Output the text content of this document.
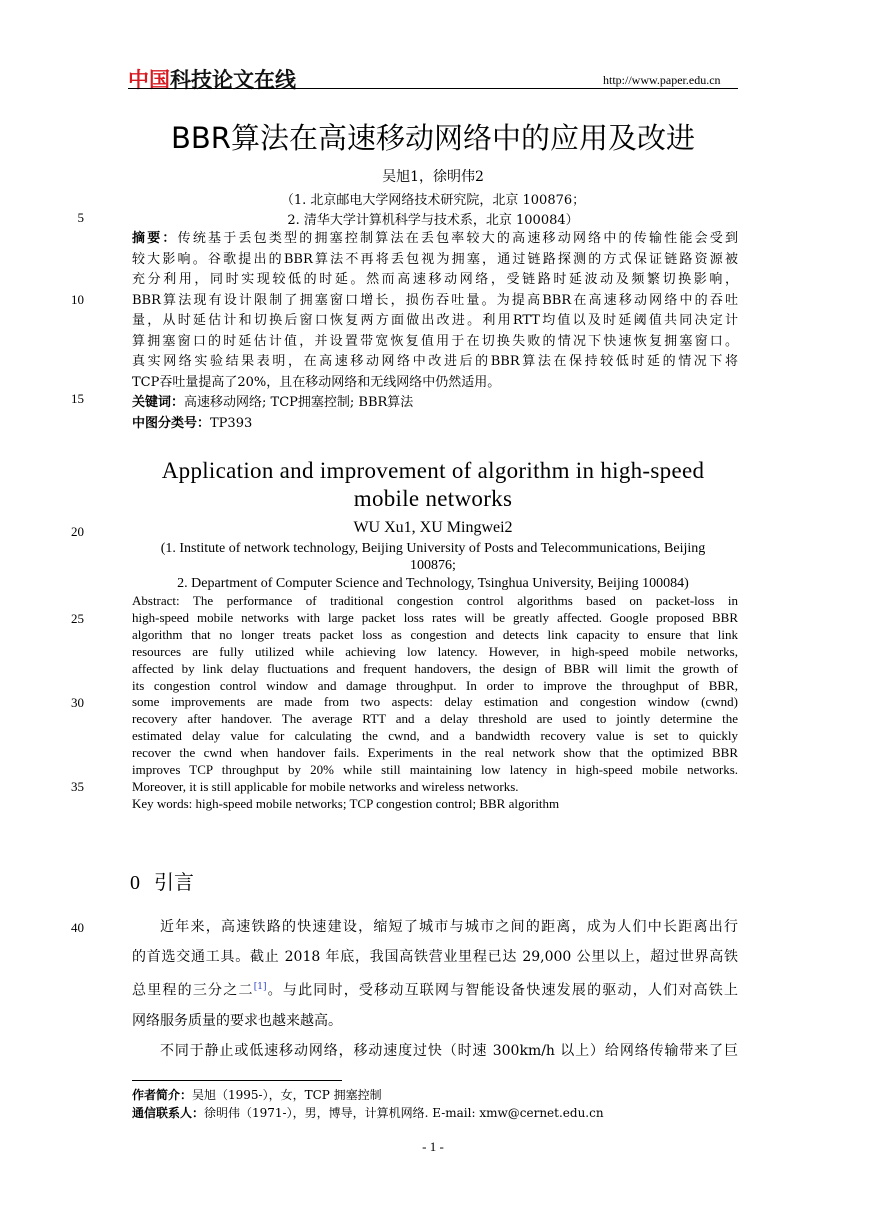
中国科技论文在线	http://www.paper.edu.cn
5
10
15
20
25
30
35
40
BBR算法在高速移动网络中的应用及改进
吴旭1，徐明伟2
（1. 北京邮电大学网络技术研究院，北京 100876；
2. 清华大学计算机科学与技术系，北京 100084）
摘要：传统基于丢包类型的拥塞控制算法在丢包率较大的高速移动网络中的传输性能会受到
较大影响。谷歌提出的BBR算法不再将丢包视为拥塞，通过链路探测的方式保证链路资源被
充分利用，同时实现较低的时延。然而高速移动网络，受链路时延波动及频繁切换影响，
BBR算法现有设计限制了拥塞窗口增长，损伤吞吐量。为提高BBR在高速移动网络中的吞吐
量，从时延估计和切换后窗口恢复两方面做出改进。利用RTT均值以及时延阈值共同决定计
算拥塞窗口的时延估计值，并设置带宽恢复值用于在切换失败的情况下快速恢复拥塞窗口。
真实网络实验结果表明，在高速移动网络中改进后的BBR算法在保持较低时延的情况下将
TCP吞吐量提高了20%，且在移动网络和无线网络中仍然适用。
关键词：高速移动网络; TCP拥塞控制; BBR算法
中图分类号：TP393
Application and improvement of algorithm in high-speed
mobile networks
WU Xu1, XU Mingwei2
(1. Institute of network technology, Beijing University of Posts and Telecommunications, Beijing
100876;
2. Department of Computer Science and Technology, Tsinghua University, Beijing 100084)
Abstract: The performance of traditional congestion control algorithms based on packet-loss in
high-speed mobile networks with large packet loss rates will be greatly affected. Google proposed BBR
algorithm that no longer treats packet loss as congestion and detects link capacity to ensure that link
resources are fully utilized while achieving low latency. However, in high-speed mobile networks,
affected by link delay fluctuations and frequent handovers, the design of BBR will limit the growth of
its congestion control window and damage throughput. In order to improve the throughput of BBR,
some improvements are made from two aspects: delay estimation and congestion window (cwnd)
recovery after handover. The average RTT and a delay threshold are used to jointly determine the
estimated delay value for calculating the cwnd, and a bandwidth recovery value is set to quickly
recover the cwnd when handover fails. Experiments in the real network show that the optimized BBR
improves TCP throughput by 20% while still maintaining low latency in high-speed mobile networks.
Moreover, it is still applicable for mobile networks and wireless networks.
Key words: high-speed mobile networks; TCP congestion control; BBR algorithm
0 引言
近年来，高速铁路的快速建设，缩短了城市与城市之间的距离，成为人们中长距离出行
的首选交通工具。截止 2018 年底，我国高铁营业里程已达 29,000 公里以上，超过世界高铁
总里程的三分之二[1]。与此同时，受移动互联网与智能设备快速发展的驱动，人们对高铁上
网络服务质量的要求也越来越高。
不同于静止或低速移动网络，移动速度过快（时速 300km/h 以上）给网络传输带来了巨
作者简介：吴旭（1995-），女，TCP 拥塞控制
通信联系人：徐明伟（1971-），男，博导，计算机网络. E-mail: xmw@cernet.edu.cn
- 1 -
